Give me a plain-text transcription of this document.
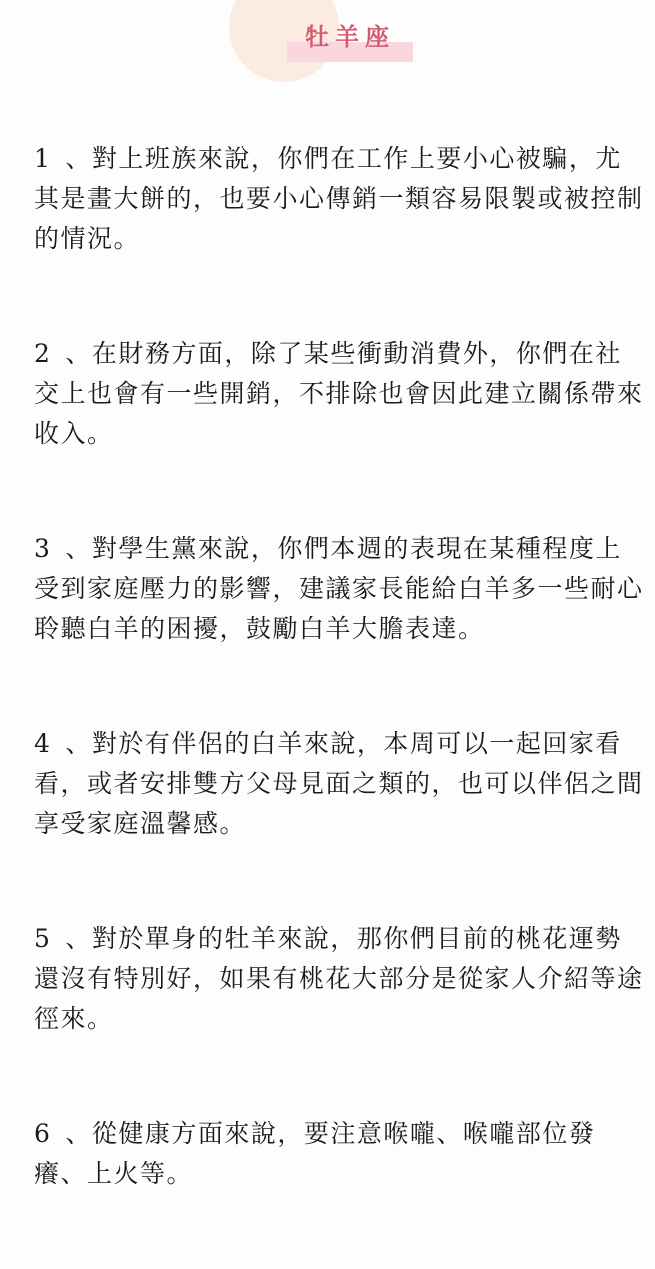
牡羊座

1 、對上班族來說，你們在工作上要小心被騙，尤其是畫大餅的，也要小心傳銷一類容易限製或被控制的情況。

2 、在財務方面，除了某些衝動消費外，你們在社交上也會有一些開銷，不排除也會因此建立關係帶來收入。

3 、對學生黨來說，你們本週的表現在某種程度上受到家庭壓力的影響，建議家長能給白羊多一些耐心聆聽白羊的困擾，鼓勵白羊大膽表達。

4 、對於有伴侶的白羊來說，本周可以一起回家看看，或者安排雙方父母見面之類的，也可以伴侶之間享受家庭溫馨感。

5 、對於單身的牡羊來說，那你們目前的桃花運勢還沒有特別好，如果有桃花大部分是從家人介紹等途徑來。

6 、從健康方面來說，要注意喉嚨、喉嚨部位發癢、上火等。
